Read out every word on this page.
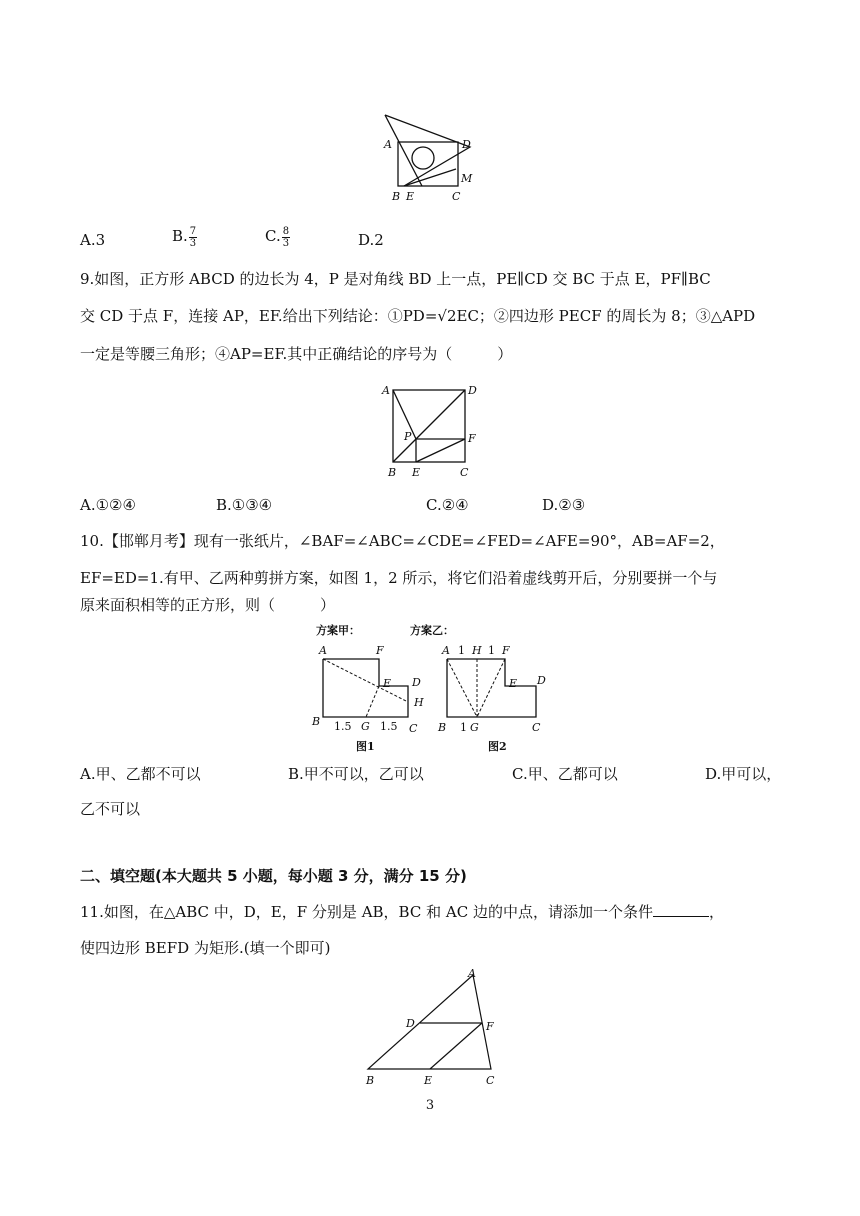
A	D
M
B E	C
A.3	B. $\frac{7}{3}$	C. $\frac{8}{3}$	D.2
9.如图，正方形 ABCD 的边长为 4，P 是对角线 BD 上一点，PE∥CD 交 BC 于点 E，PF∥BC
交 CD 于点 F，连接 AP，EF.给出下列结论：①PD=√2EC；②四边形 PECF 的周长为 8；③△APD
一定是等腰三角形；④AP=EF.其中正确结论的序号为（　　　）
A	D
P	F
B E	C
A.①②④	B.①③④	C.②④	D.②③
10.【邯郸月考】现有一张纸片，∠BAF=∠ABC=∠CDE=∠FED=∠AFE=90°，AB=AF=2，
EF=ED=1.有甲、乙两种剪拼方案，如图 1，2 所示，将它们沿着虚线剪开后，分别要拼一个与
原来面积相等的正方形，则（　　　）
方案甲：
A	F
E D
H
B 1.5 G 1.5 C
图1
方案乙：
A 1 H 1 F
E D
B 1 G	C
图2
A.甲、乙都不可以	B.甲不可以，乙可以	C.甲、乙都可以	D.甲可以，
乙不可以
二、填空题(本大题共 5 小题，每小题 3 分，满分 15 分)
11.如图，在△ABC 中，D，E，F 分别是 AB，BC 和 AC 边的中点，请添加一个条件	，
使四边形 BEFD 为矩形.(填一个即可)
A
D	F
B	E	C
3
